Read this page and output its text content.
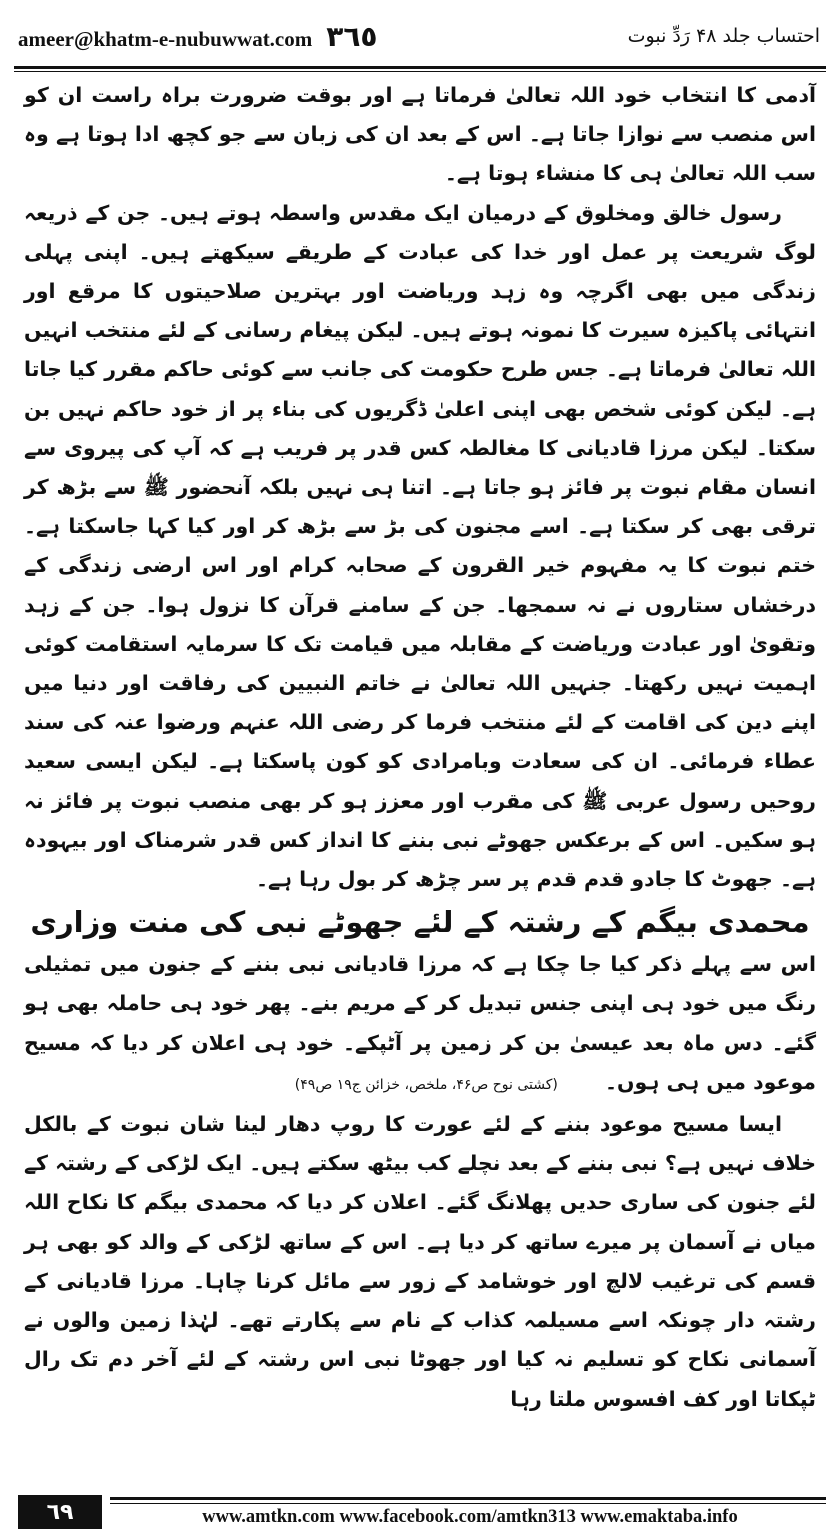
ameer@khatm-e-nubuwwat.com ٣٦٥	احتساب جلد ۴۸ رَدِّ نبوت

آدمی کا انتخاب خود اللہ تعالیٰ فرماتا ہے اور بوقت ضرورت براہ راست ان کو اس منصب سے نوازا جاتا ہے۔ اس کے بعد ان کی زبان سے جو کچھ ادا ہوتا ہے وہ سب اللہ تعالیٰ ہی کا منشاء ہوتا ہے۔

رسول خالق ومخلوق کے درمیان ایک مقدس واسطہ ہوتے ہیں۔ جن کے ذریعہ لوگ شریعت پر عمل اور خدا کی عبادت کے طریقے سیکھتے ہیں۔ اپنی پہلی زندگی میں بھی اگرچہ وہ زہد وریاضت اور بہترین صلاحیتوں کا مرقع اور انتہائی پاکیزہ سیرت کا نمونہ ہوتے ہیں۔ لیکن پیغام رسانی کے لئے منتخب انہیں اللہ تعالیٰ فرماتا ہے۔ جس طرح حکومت کی جانب سے کوئی حاکم مقرر کیا جاتا ہے۔ لیکن کوئی شخص بھی اپنی اعلیٰ ڈگریوں کی بناء پر از خود حاکم نہیں بن سکتا۔ لیکن مرزا قادیانی کا مغالطہ کس قدر پر فریب ہے کہ آپ کی پیروی سے انسان مقام نبوت پر فائز ہو جاتا ہے۔ اتنا ہی نہیں بلکہ آنحضور ﷺ سے بڑھ کر ترقی بھی کر سکتا ہے۔ اسے مجنون کی بڑ سے بڑھ کر اور کیا کہا جاسکتا ہے۔ ختم نبوت کا یہ مفہوم خیر القرون کے صحابہ کرام اور اس ارضی زندگی کے درخشاں ستاروں نے نہ سمجھا۔ جن کے سامنے قرآن کا نزول ہوا۔ جن کے زہد وتقویٰ اور عبادت وریاضت کے مقابلہ میں قیامت تک کا سرمایہ استقامت کوئی اہمیت نہیں رکھتا۔ جنہیں اللہ تعالیٰ نے خاتم النبیین کی رفاقت اور دنیا میں اپنے دین کی اقامت کے لئے منتخب فرما کر رضی اللہ عنہم ورضوا عنہ کی سند عطاء فرمائی۔ ان کی سعادت وبامرادی کو کون پاسکتا ہے۔ لیکن ایسی سعید روحیں رسول عربی ﷺ کی مقرب اور معزز ہو کر بھی منصب نبوت پر فائز نہ ہو سکیں۔ اس کے برعکس جھوٹے نبی بننے کا انداز کس قدر شرمناک اور بیہودہ ہے۔ جھوٹ کا جادو قدم قدم پر سر چڑھ کر بول رہا ہے۔

محمدی بیگم کے رشتہ کے لئے جھوٹے نبی کی منت وزاری

اس سے پہلے ذکر کیا جا چکا ہے کہ مرزا قادیانی نبی بننے کے جنون میں تمثیلی رنگ میں خود ہی اپنی جنس تبدیل کر کے مریم بنے۔ پھر خود ہی حاملہ بھی ہو گئے۔ دس ماہ بعد عیسیٰ بن کر زمین پر آٹپکے۔ خود ہی اعلان کر دیا کہ مسیح موعود میں ہی ہوں۔ (کشتی نوح ص۴۶، ملخص، خزائن ج۱۹ ص۴۹)

ایسا مسیح موعود بننے کے لئے عورت کا روپ دھار لینا شان نبوت کے بالکل خلاف نہیں ہے؟ نبی بننے کے بعد نچلے کب بیٹھ سکتے ہیں۔ ایک لڑکی کے رشتہ کے لئے جنون کی ساری حدیں پھلانگ گئے۔ اعلان کر دیا کہ محمدی بیگم کا نکاح اللہ میاں نے آسمان پر میرے ساتھ کر دیا ہے۔ اس کے ساتھ لڑکی کے والد کو بھی ہر قسم کی ترغیب لالچ اور خوشامد کے زور سے مائل کرنا چاہا۔ مرزا قادیانی کے رشتہ دار چونکہ اسے مسیلمہ کذاب کے نام سے پکارتے تھے۔ لہٰذا زمین والوں نے آسمانی نکاح کو تسلیم نہ کیا اور جھوٹا نبی اس رشتہ کے لئے آخر دم تک رال ٹپکاتا اور کف افسوس ملتا رہا

٦٩	www.amtkn.com www.facebook.com/amtkn313 www.emaktaba.info
